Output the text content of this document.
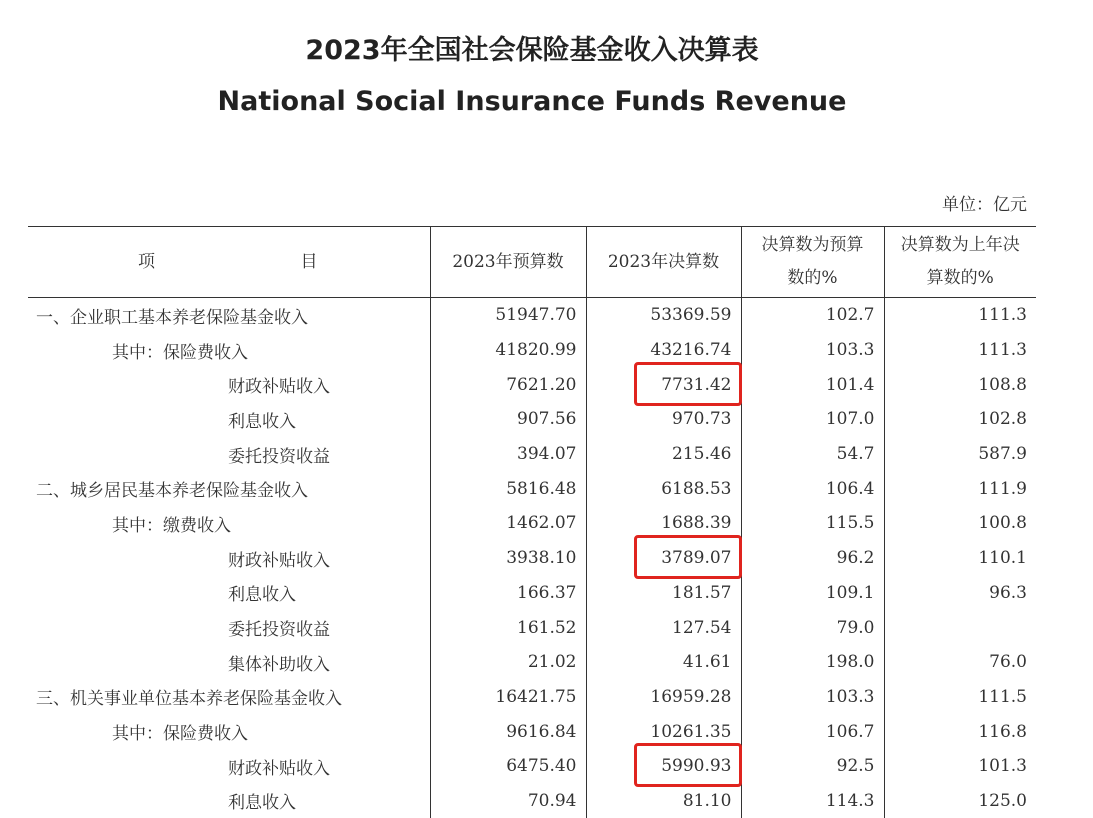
2023年全国社会保险基金收入决算表
National Social Insurance Funds Revenue
单位：亿元
项 目	2023年预算数	2023年决算数	决算数为预算数的%	决算数为上年决算数的%
一、企业职工基本养老保险基金收入	51947.70	53369.59	102.7	111.3
其中：保险费收入	41820.99	43216.74	103.3	111.3
财政补贴收入	7621.20	7731.42	101.4	108.8
利息收入	907.56	970.73	107.0	102.8
委托投资收益	394.07	215.46	54.7	587.9
二、城乡居民基本养老保险基金收入	5816.48	6188.53	106.4	111.9
其中：缴费收入	1462.07	1688.39	115.5	100.8
财政补贴收入	3938.10	3789.07	96.2	110.1
利息收入	166.37	181.57	109.1	96.3
委托投资收益	161.52	127.54	79.0	
集体补助收入	21.02	41.61	198.0	76.0
三、机关事业单位基本养老保险基金收入	16421.75	16959.28	103.3	111.5
其中：保险费收入	9616.84	10261.35	106.7	116.8
财政补贴收入	6475.40	5990.93	92.5	101.3
利息收入	70.94	81.10	114.3	125.0
